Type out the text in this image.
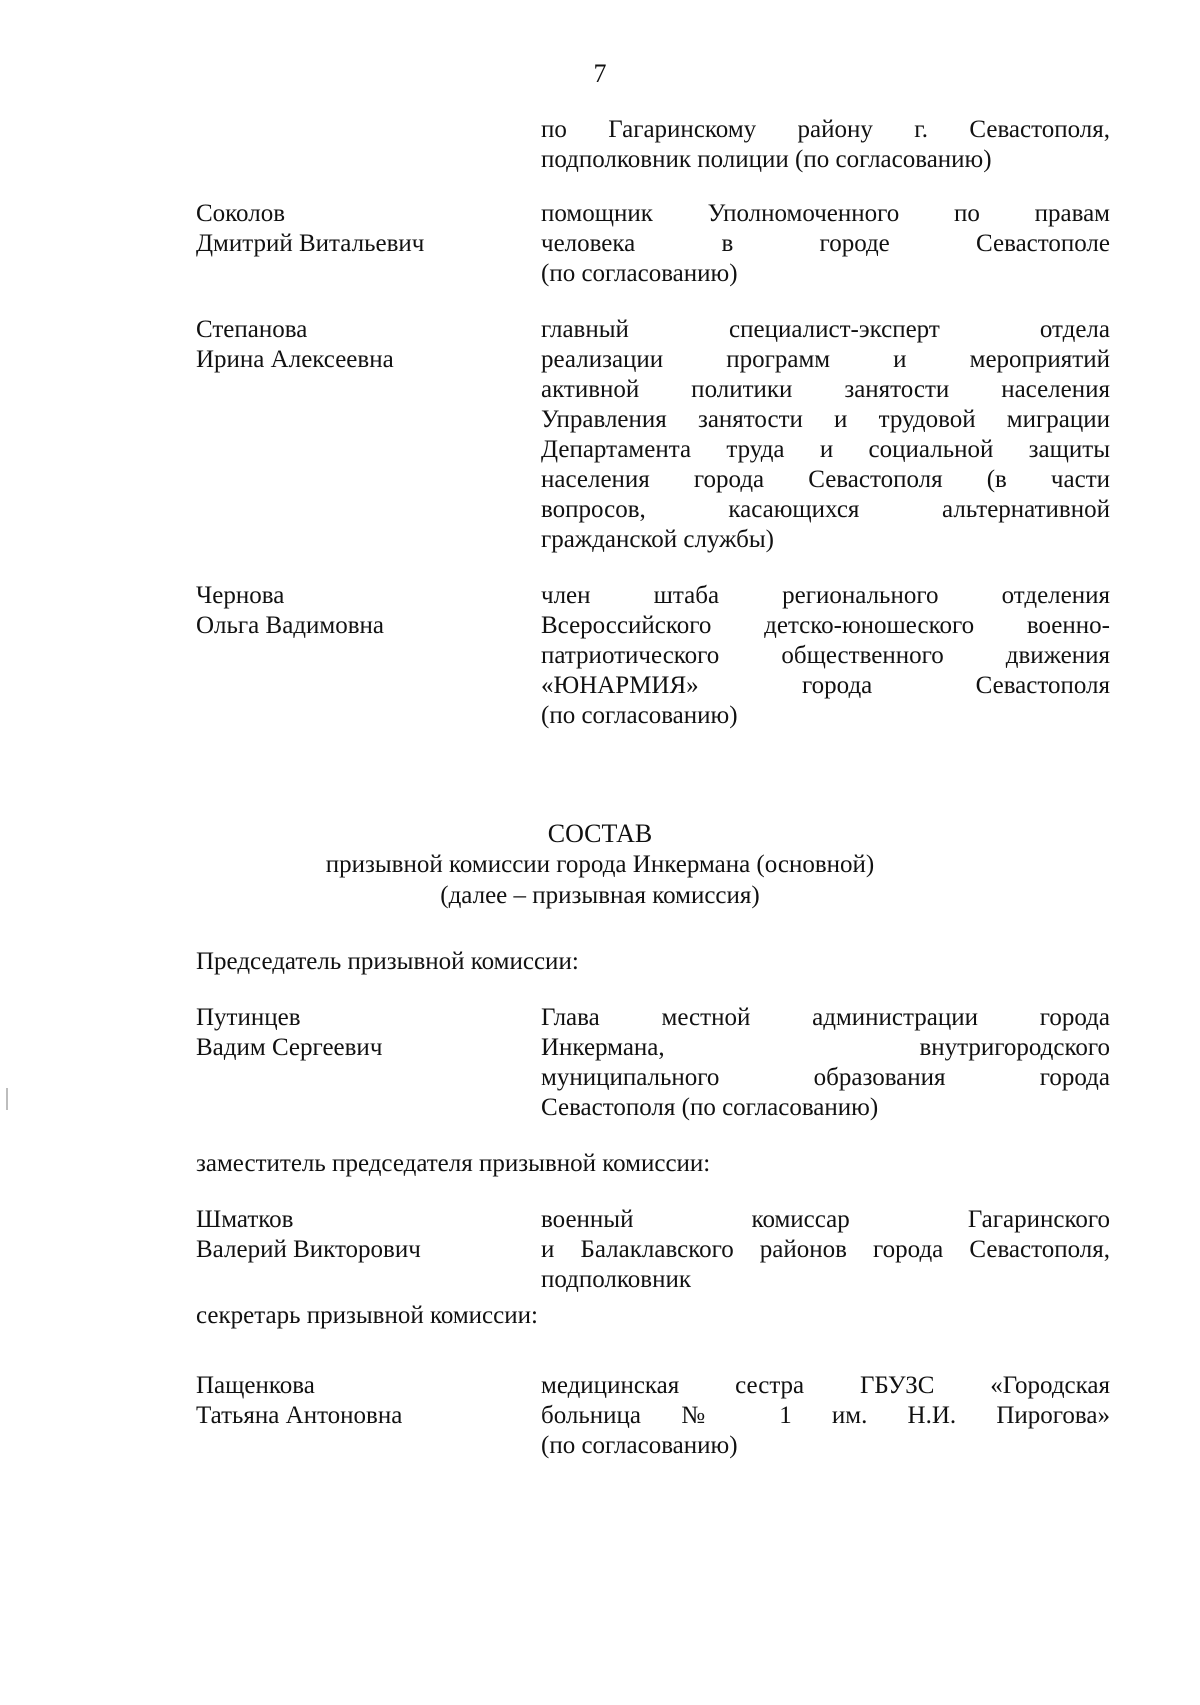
7
по Гагаринскому району г. Севастополя,
подполковник полиции (по согласованию)
Соколов
Дмитрий Витальевич
помощник Уполномоченного по правам
человека в городе Севастополе
(по согласованию)
Степанова
Ирина Алексеевна
главный специалист-эксперт отдела
реализации программ и мероприятий
активной политики занятости населения
Управления занятости и трудовой миграции
Департамента труда и социальной защиты
населения города Севастополя (в части
вопросов, касающихся альтернативной
гражданской службы)
Чернова
Ольга Вадимовна
член штаба регионального отделения
Всероссийского детско-юношеского военно-
патриотического общественного движения
«ЮНАРМИЯ» города Севастополя
(по согласованию)
СОСТАВ
призывной комиссии города Инкермана (основной)
(далее – призывная комиссия)
Председатель призывной комиссии:
Путинцев
Вадим Сергеевич
Глава местной администрации города
Инкермана, внутригородского
муниципального образования города
Севастополя (по согласованию)
заместитель председателя призывной комиссии:
Шматков
Валерий Викторович
военный комиссар Гагаринского
и Балаклавского районов города Севастополя,
подполковник
секретарь призывной комиссии:
Пащенкова
Татьяна Антоновна
медицинская сестра ГБУЗС «Городская
больница № 1 им. Н.И. Пирогова»
(по согласованию)
